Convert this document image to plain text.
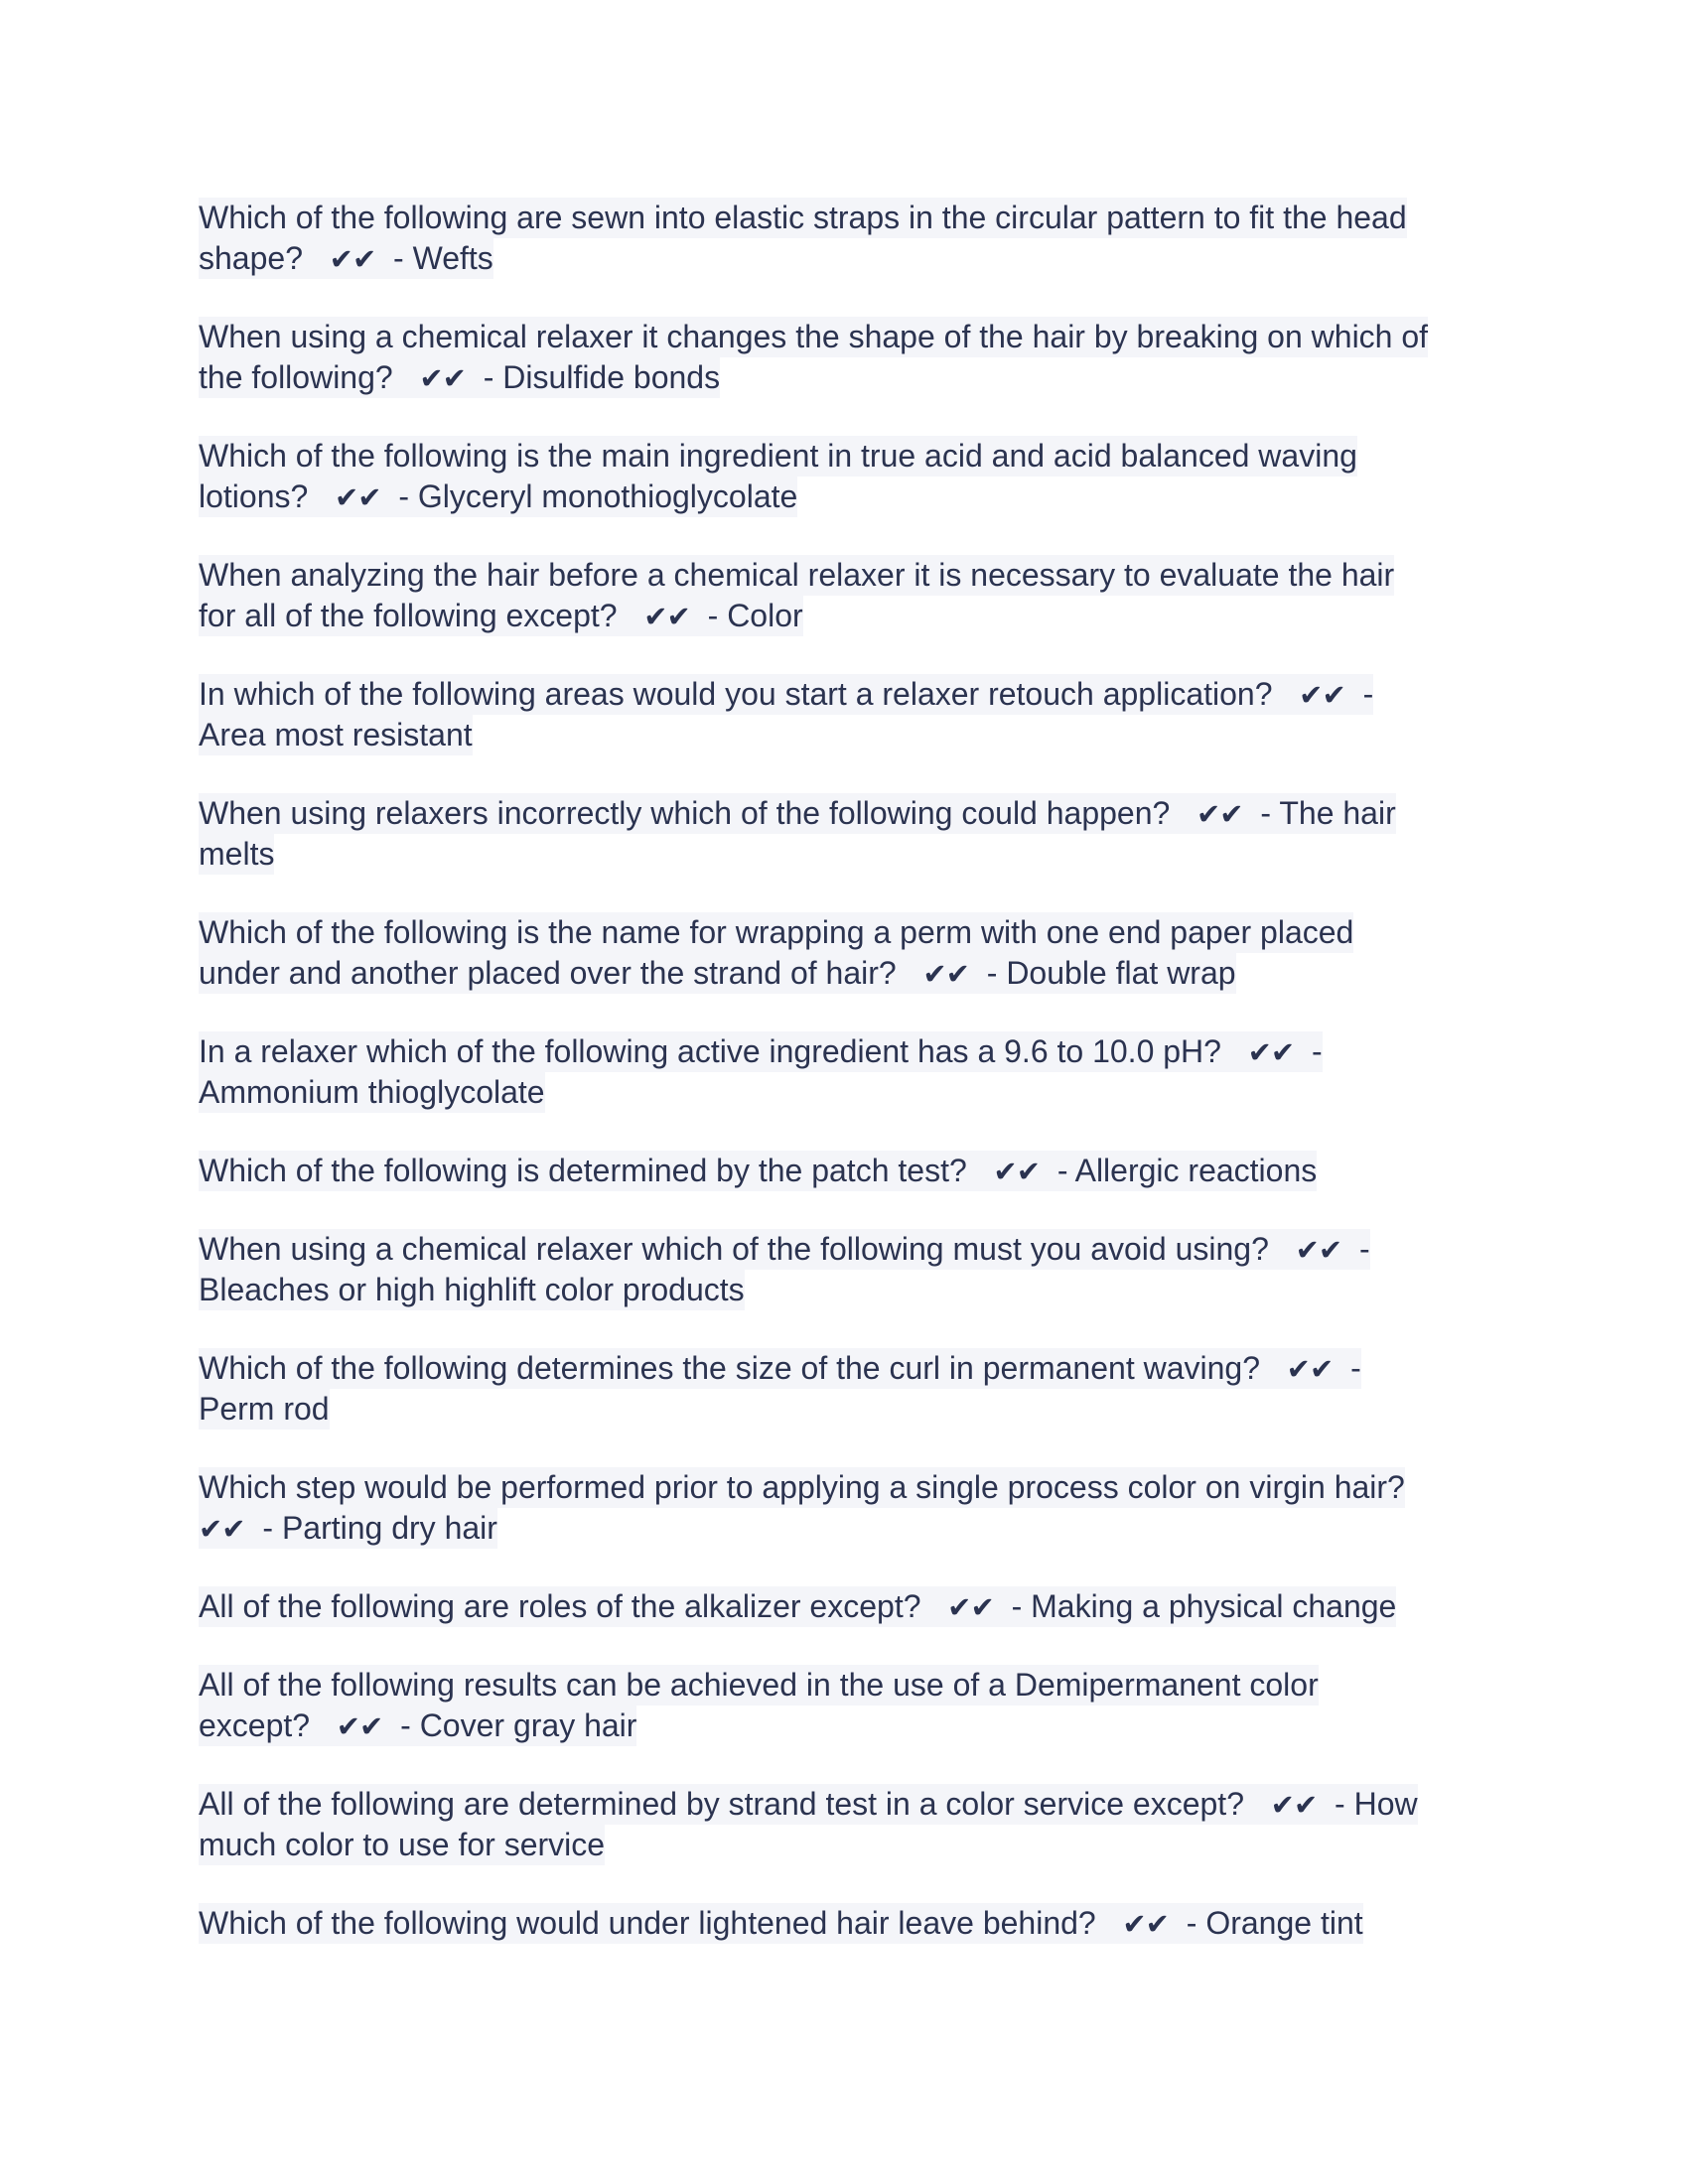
Which of the following are sewn into elastic straps in the circular pattern to fit the head
shape?   ✔✔  - Wefts
When using a chemical relaxer it changes the shape of the hair by breaking on which of
the following?   ✔✔  - Disulfide bonds
Which of the following is the main ingredient in true acid and acid balanced waving
lotions?   ✔✔  - Glyceryl monothioglycolate
When analyzing the hair before a chemical relaxer it is necessary to evaluate the hair
for all of the following except?   ✔✔  - Color
In which of the following areas would you start a relaxer retouch application?   ✔✔  -
Area most resistant
When using relaxers incorrectly which of the following could happen?   ✔✔  - The hair
melts
Which of the following is the name for wrapping a perm with one end paper placed
under and another placed over the strand of hair?   ✔✔  - Double flat wrap
In a relaxer which of the following active ingredient has a 9.6 to 10.0 pH?   ✔✔  -
Ammonium thioglycolate
Which of the following is determined by the patch test?   ✔✔  - Allergic reactions
When using a chemical relaxer which of the following must you avoid using?   ✔✔  -
Bleaches or high highlift color products
Which of the following determines the size of the curl in permanent waving?   ✔✔  -
Perm rod
Which step would be performed prior to applying a single process color on virgin hair?
✔✔  - Parting dry hair
All of the following are roles of the alkalizer except?   ✔✔  - Making a physical change
All of the following results can be achieved in the use of a Demipermanent color
except?   ✔✔  - Cover gray hair
All of the following are determined by strand test in a color service except?   ✔✔  - How
much color to use for service
Which of the following would under lightened hair leave behind?   ✔✔  - Orange tint
